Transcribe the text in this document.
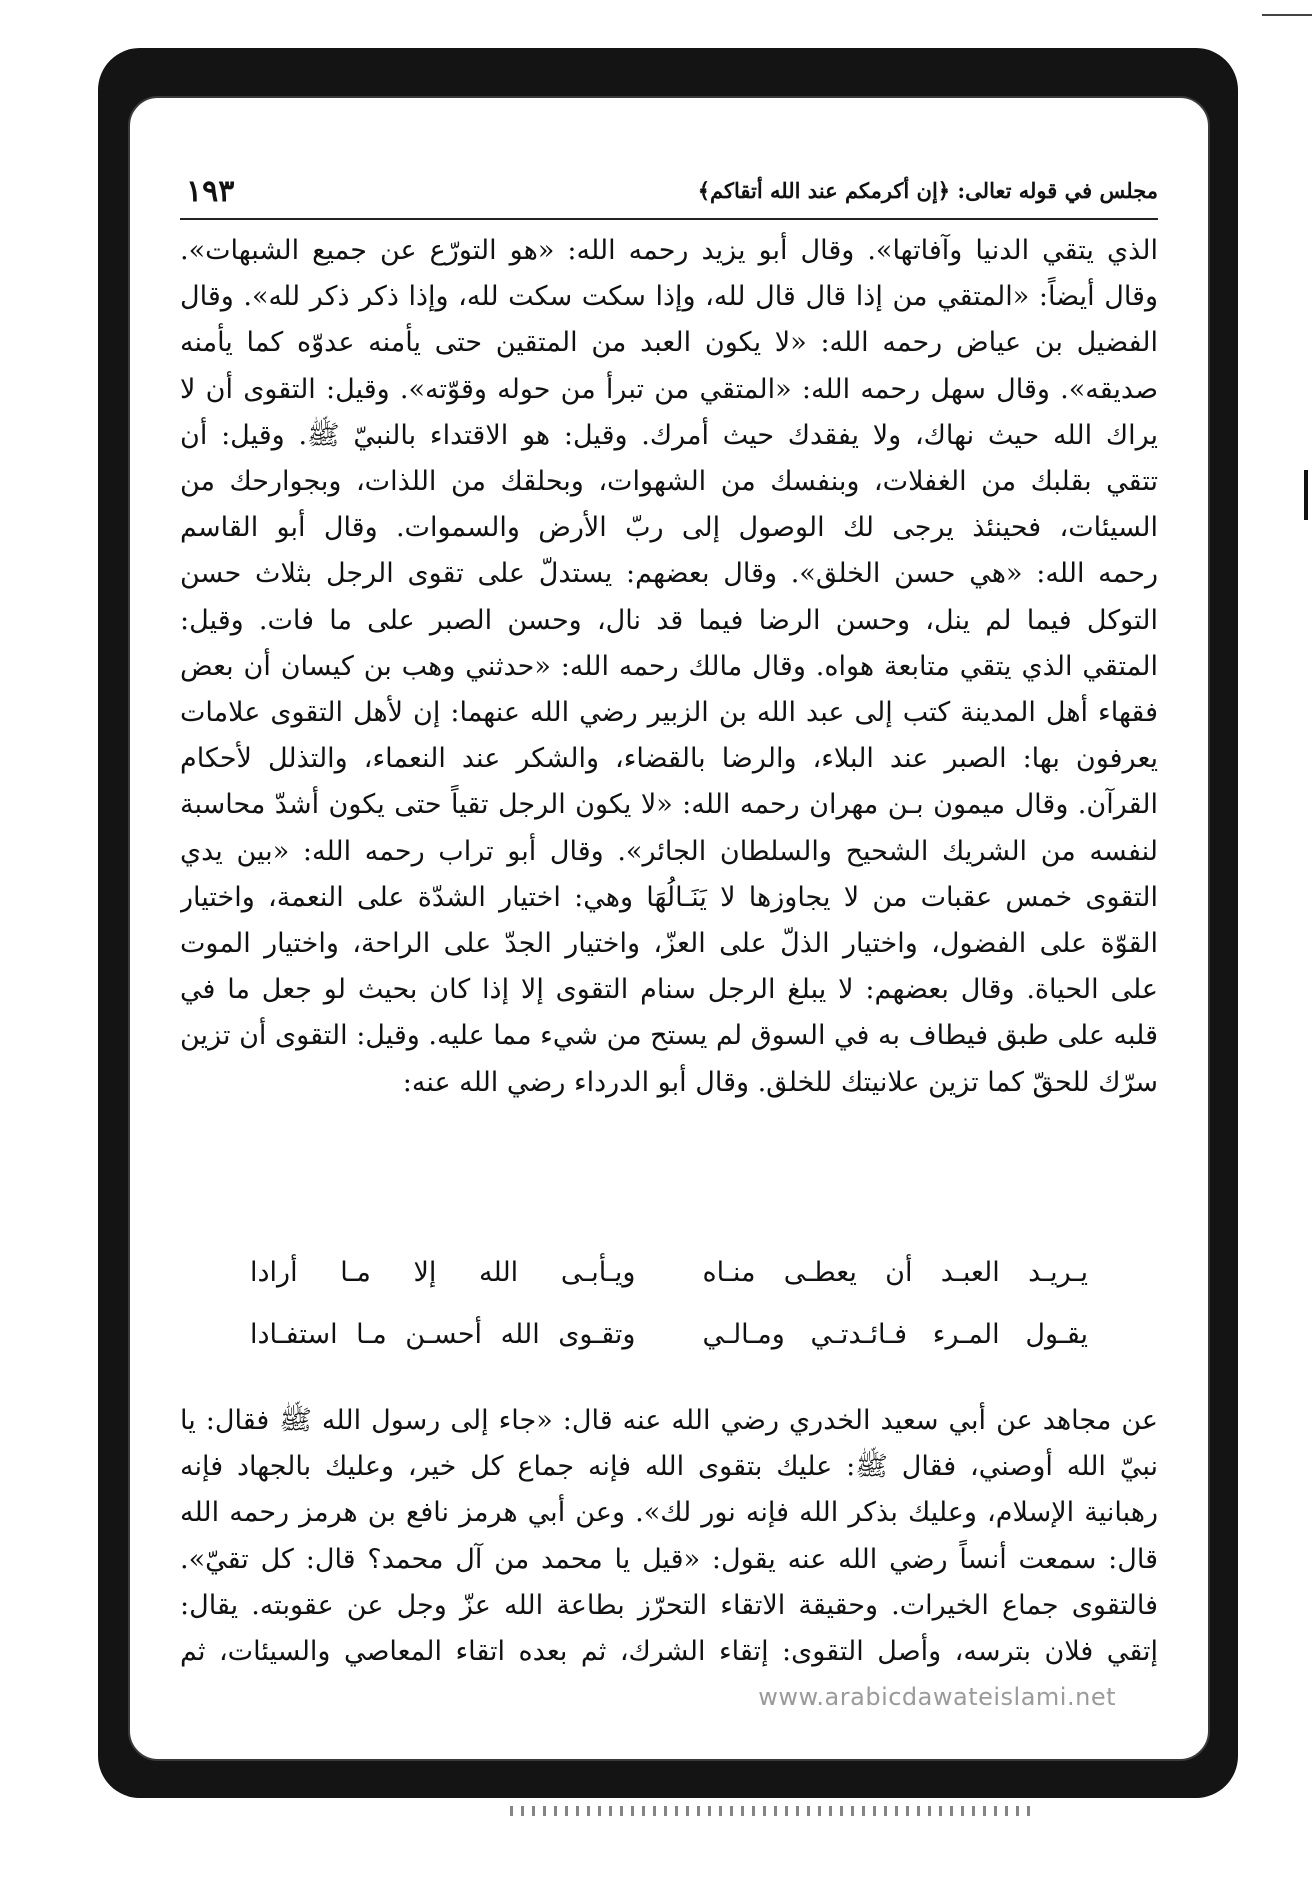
مجلس في قوله تعالى: ﴿إن أكرمكم عند الله أتقاكم﴾
١٩٣
الذي يتقي الدنيا وآفاتها». وقال أبو يزيد رحمه الله: «هو التورّع عن جميع الشبهات».
وقال أيضاً: «المتقي من إذا قال قال لله، وإذا سكت سكت لله، وإذا ذكر ذكر لله». وقال
الفضيل بن عياض رحمه الله: «لا يكون العبد من المتقين حتى يأمنه عدوّه كما يأمنه
صديقه». وقال سهل رحمه الله: «المتقي من تبرأ من حوله وقوّته». وقيل: التقوى أن لا
يراك الله حيث نهاك، ولا يفقدك حيث أمرك. وقيل: هو الاقتداء بالنبيّ ﷺ. وقيل: أن
تتقي بقلبك من الغفلات، وبنفسك من الشهوات، وبحلقك من اللذات، وبجوارحك من
السيئات، فحينئذ يرجى لك الوصول إلى ربّ الأرض والسموات. وقال أبو القاسم
رحمه الله: «هي حسن الخلق». وقال بعضهم: يستدلّ على تقوى الرجل بثلاث حسن
التوكل فيما لم ينل، وحسن الرضا فيما قد نال، وحسن الصبر على ما فات. وقيل:
المتقي الذي يتقي متابعة هواه. وقال مالك رحمه الله: «حدثني وهب بن كيسان أن بعض
فقهاء أهل المدينة كتب إلى عبد الله بن الزبير رضي الله عنهما: إن لأهل التقوى علامات
يعرفون بها: الصبر عند البلاء، والرضا بالقضاء، والشكر عند النعماء، والتذلل لأحكام
القرآن. وقال ميمون بـن مهران رحمه الله: «لا يكون الرجل تقياً حتى يكون أشدّ محاسبة
لنفسه من الشريك الشحيح والسلطان الجائر». وقال أبو تراب رحمه الله: «بين يدي
التقوى خمس عقبات من لا يجاوزها لا يَنَـالُهَا وهي: اختيار الشدّة على النعمة، واختيار
القوّة على الفضول، واختيار الذلّ على العزّ، واختيار الجدّ على الراحة، واختيار الموت
على الحياة. وقال بعضهم: لا يبلغ الرجل سنام التقوى إلا إذا كان بحيث لو جعل ما في
قلبه على طبق فيطاف به في السوق لم يستح من شيء مما عليه. وقيل: التقوى أن تزين
سرّك للحقّ كما تزين علانيتك للخلق. وقال أبو الدرداء رضي الله عنه:
يـريـد العبـد أن يعطـى منـاه
ويـأبـى الله إلا مـا أرادا
يقـول المـرء فـائـدتـي ومـالـي
وتقـوى الله أحسـن مـا استفـادا
عن مجاهد عن أبي سعيد الخدري رضي الله عنه قال: «جاء إلى رسول الله ﷺ فقال: يا
نبيّ الله أوصني، فقال ﷺ: عليك بتقوى الله فإنه جماع كل خير، وعليك بالجهاد فإنه
رهبانية الإسلام، وعليك بذكر الله فإنه نور لك». وعن أبي هرمز نافع بن هرمز رحمه الله
قال: سمعت أنساً رضي الله عنه يقول: «قيل يا محمد من آل محمد؟ قال: كل تقيّ».
فالتقوى جماع الخيرات. وحقيقة الاتقاء التحرّز بطاعة الله عزّ وجل عن عقوبته. يقال:
إتقي فلان بترسه، وأصل التقوى: إتقاء الشرك، ثم بعده اتقاء المعاصي والسيئات، ثم
www.arabicdawateislami.net
